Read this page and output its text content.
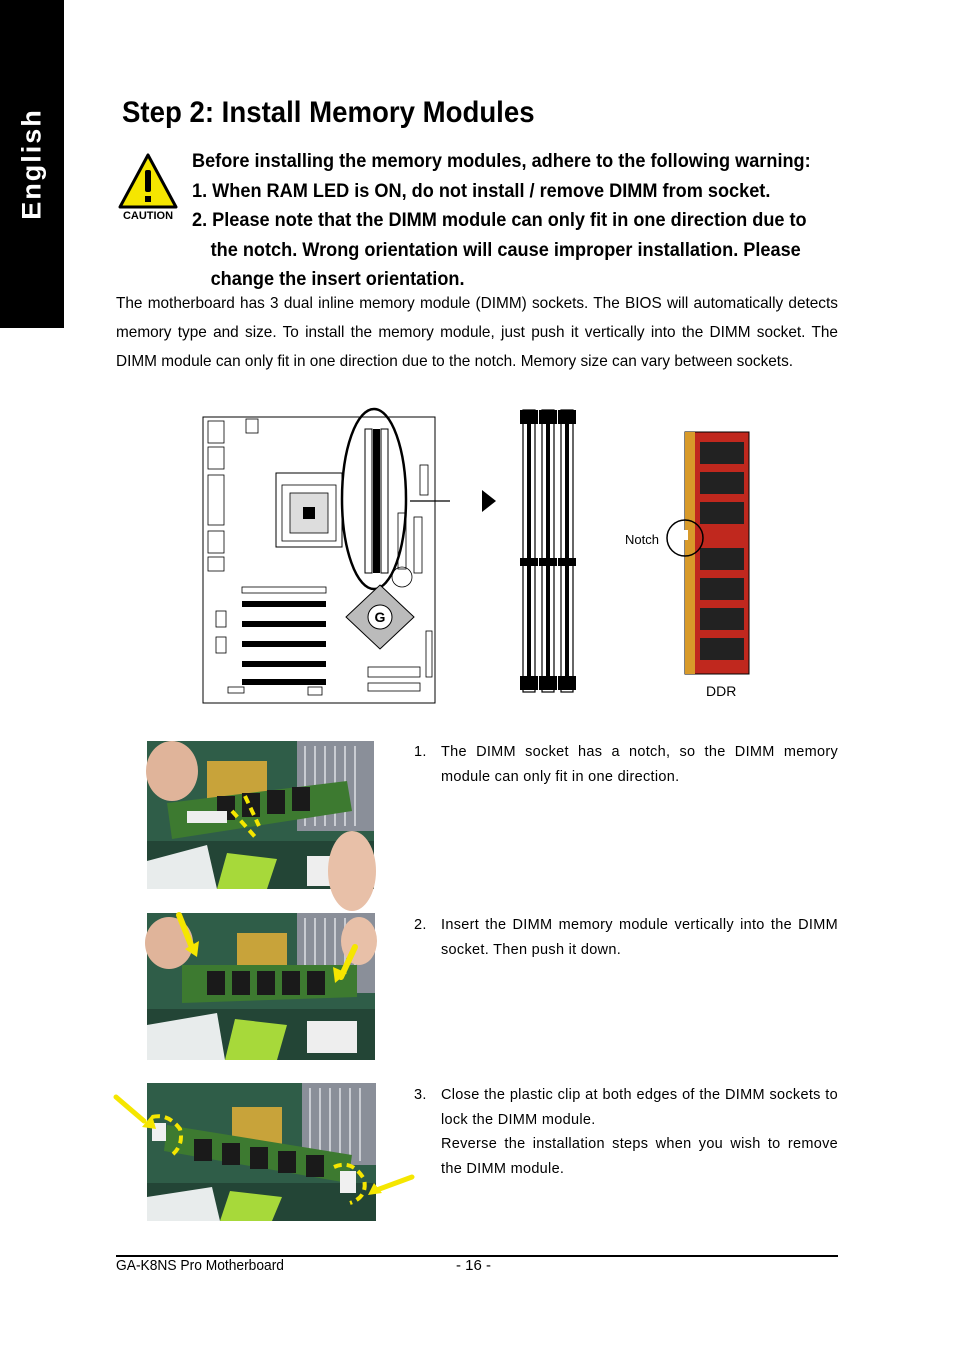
English	Step 2: Install Memory Modules
CAUTION
Before installing the memory modules, adhere to the following warning:
1. When RAM LED is ON, do not install / remove DIMM from socket.
2. Please note that the DIMM module can only fit in one direction due to
the notch. Wrong orientation will cause improper installation. Please
change the insert orientation.
The motherboard has 3 dual inline memory module (DIMM) sockets. The BIOS will automatically detects memory type and size. To install the memory module, just push it vertically into the DIMM socket. The DIMM module can only fit in one direction due to the notch. Memory size can vary between sockets.
G
Notch
DDR
1. The DIMM socket has a notch, so the DIMM memory module can only fit in one direction.
2. Insert the DIMM memory module vertically into the DIMM socket. Then push it down.
3. Close the plastic clip at both edges of the DIMM sockets to lock the DIMM module.
Reverse the installation steps when you wish to remove the DIMM module.
GA-K8NS Pro Motherboard	- 16 -
